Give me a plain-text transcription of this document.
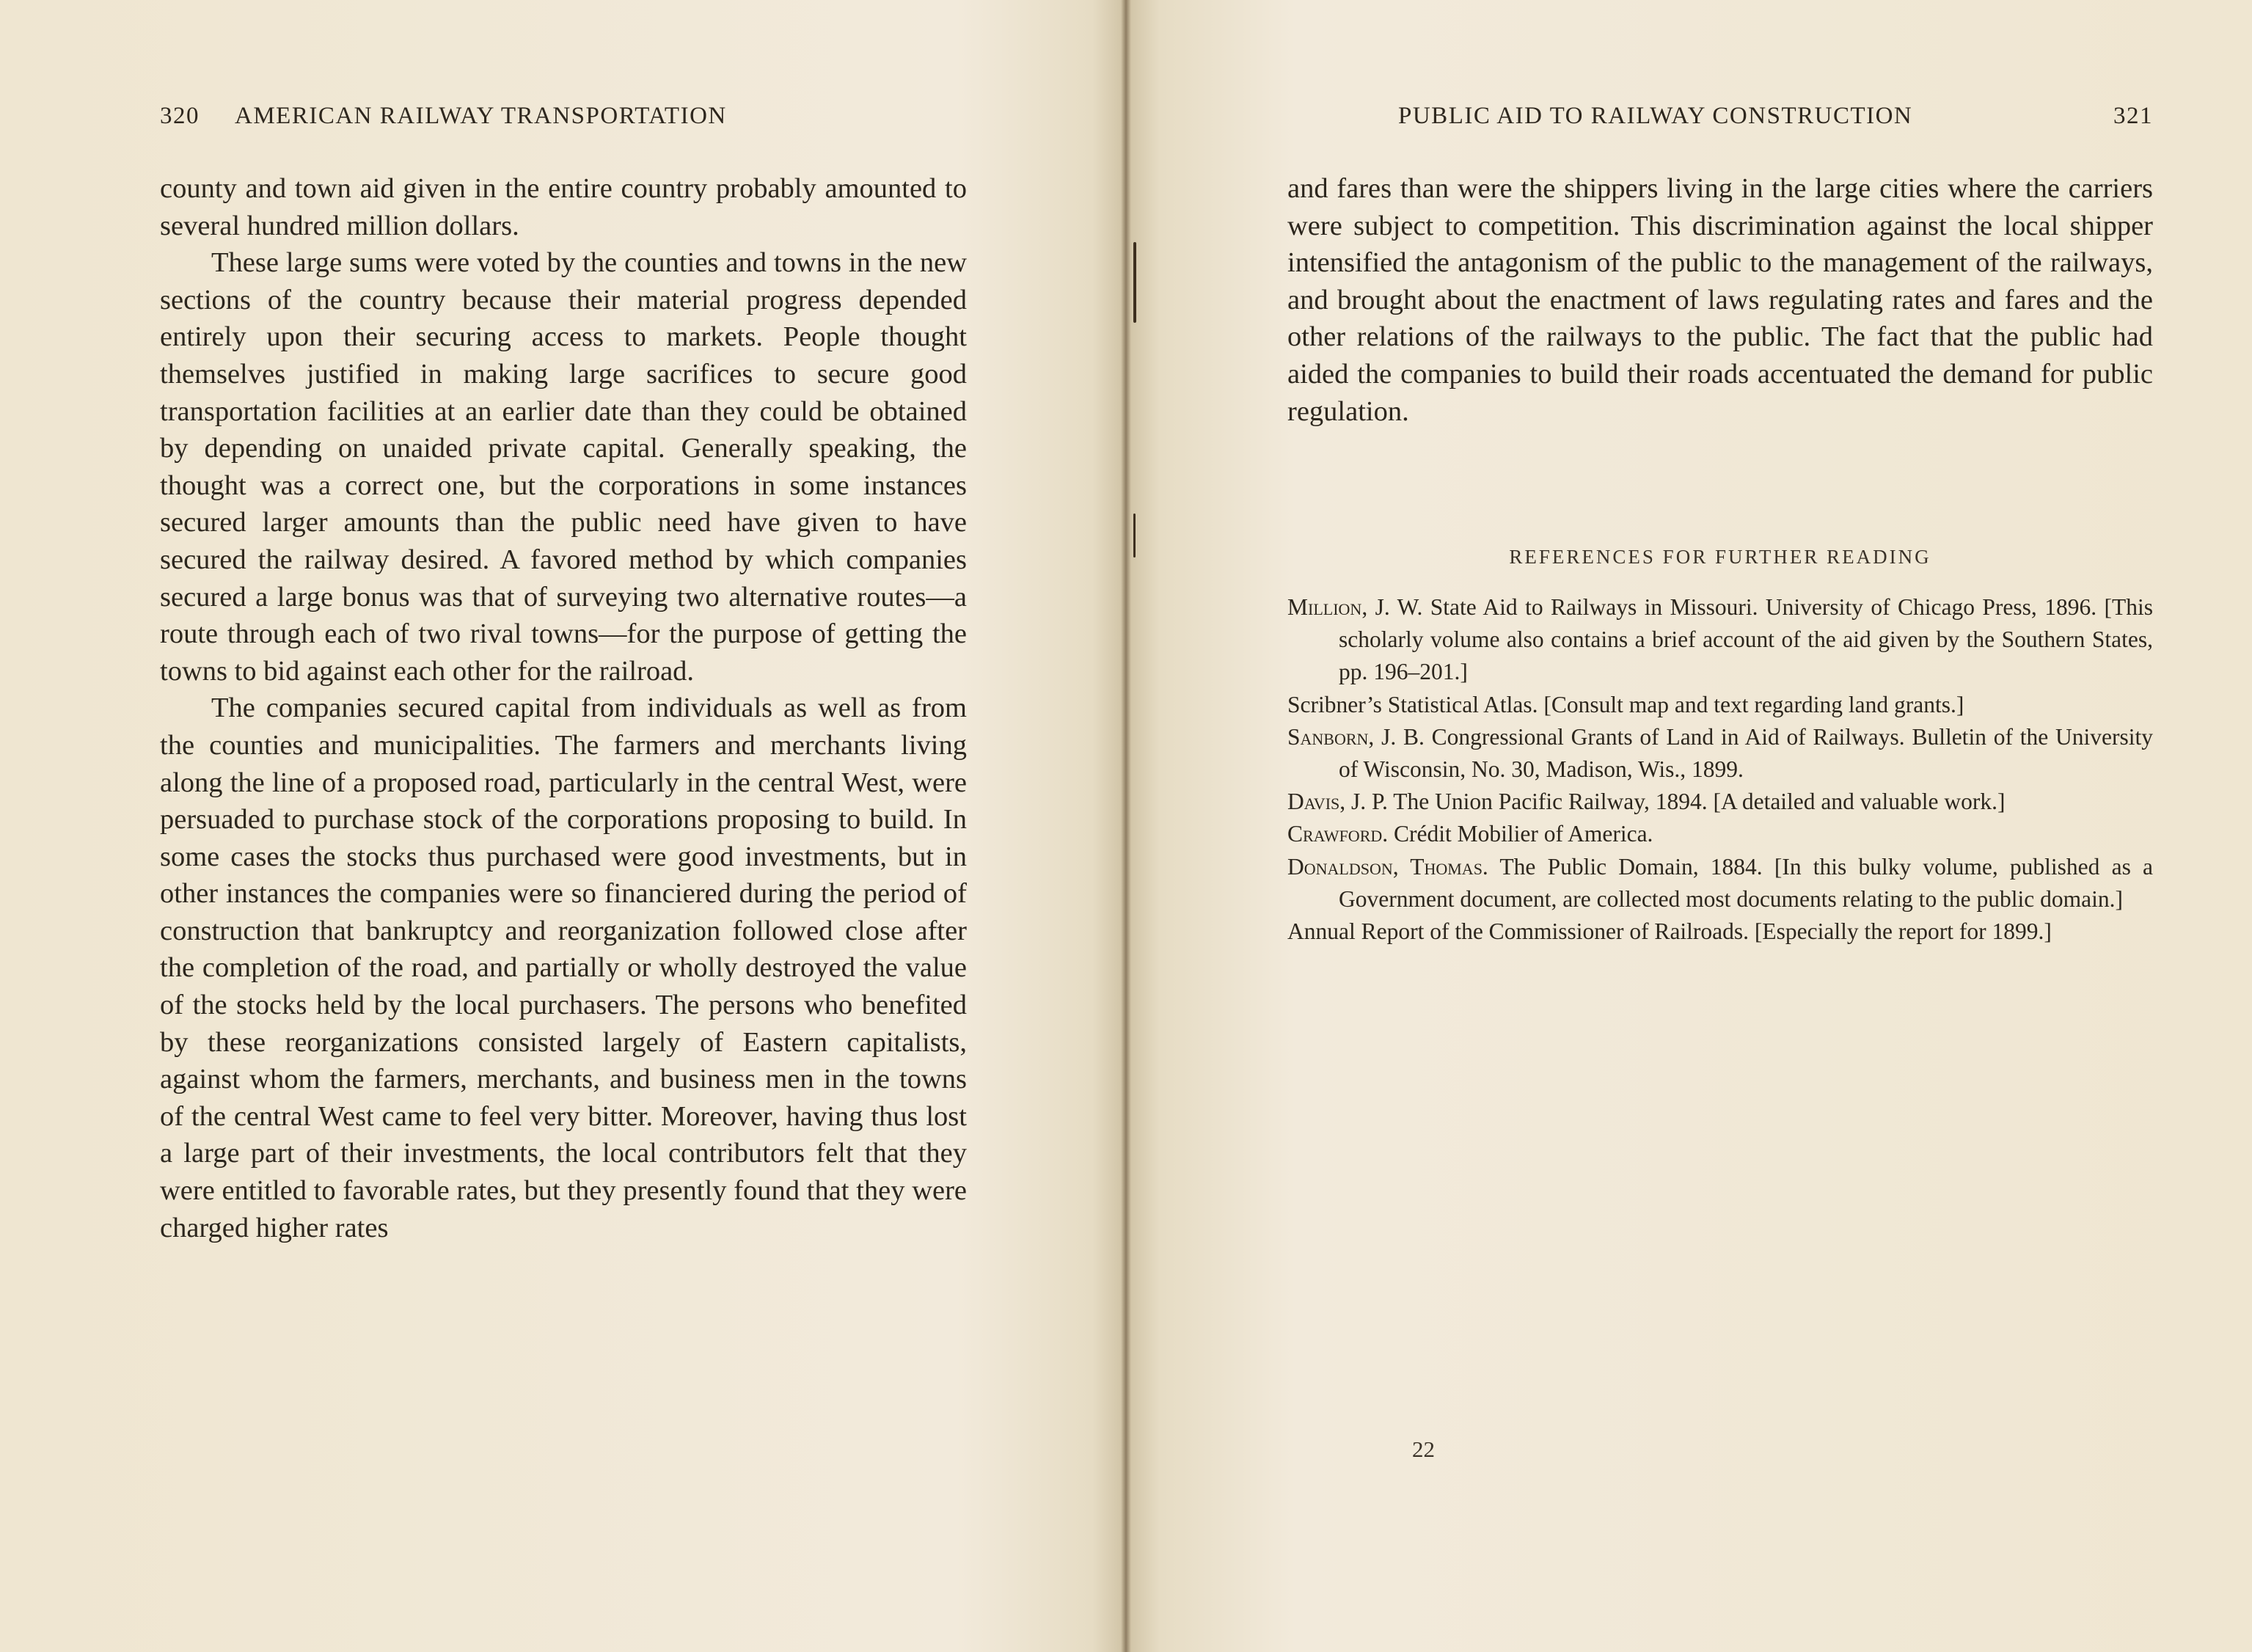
320 AMERICAN RAILWAY TRANSPORTATION

county and town aid given in the entire country probably amounted to several hundred million dollars.

These large sums were voted by the counties and towns in the new sections of the country because their material progress depended entirely upon their securing access to markets. People thought themselves justified in making large sacrifices to secure good transportation facilities at an earlier date than they could be obtained by depending on unaided private capital. Generally speaking, the thought was a correct one, but the corporations in some instances secured larger amounts than the public need have given to have secured the railway desired. A favored method by which companies secured a large bonus was that of surveying two alternative routes—a route through each of two rival towns—for the purpose of getting the towns to bid against each other for the railroad.

The companies secured capital from individuals as well as from the counties and municipalities. The farmers and merchants living along the line of a proposed road, particularly in the central West, were persuaded to purchase stock of the corporations proposing to build. In some cases the stocks thus purchased were good investments, but in other instances the companies were so financiered during the period of construction that bankruptcy and reorganization followed close after the completion of the road, and partially or wholly destroyed the value of the stocks held by the local purchasers. The persons who benefited by these reorganizations consisted largely of Eastern capitalists, against whom the farmers, merchants, and business men in the towns of the central West came to feel very bitter. Moreover, having thus lost a large part of their investments, the local contributors felt that they were entitled to favorable rates, but they presently found that they were charged higher rates

PUBLIC AID TO RAILWAY CONSTRUCTION	321

and fares than were the shippers living in the large cities where the carriers were subject to competition. This discrimination against the local shipper intensified the antagonism of the public to the management of the railways, and brought about the enactment of laws regulating rates and fares and the other relations of the railways to the public. The fact that the public had aided the companies to build their roads accentuated the demand for public regulation.

REFERENCES FOR FURTHER READING

Million, J. W. State Aid to Railways in Missouri. University of Chicago Press, 1896. [This scholarly volume also contains a brief account of the aid given by the Southern States, pp. 196–201.]

Scribner’s Statistical Atlas. [Consult map and text regarding land grants.]

Sanborn, J. B. Congressional Grants of Land in Aid of Railways. Bulletin of the University of Wisconsin, No. 30, Madison, Wis., 1899.

Davis, J. P. The Union Pacific Railway, 1894. [A detailed and valuable work.]

Crawford. Crédit Mobilier of America.

Donaldson, Thomas. The Public Domain, 1884. [In this bulky volume, published as a Government document, are collected most documents relating to the public domain.]

Annual Report of the Commissioner of Railroads. [Especially the report for 1899.]

22
